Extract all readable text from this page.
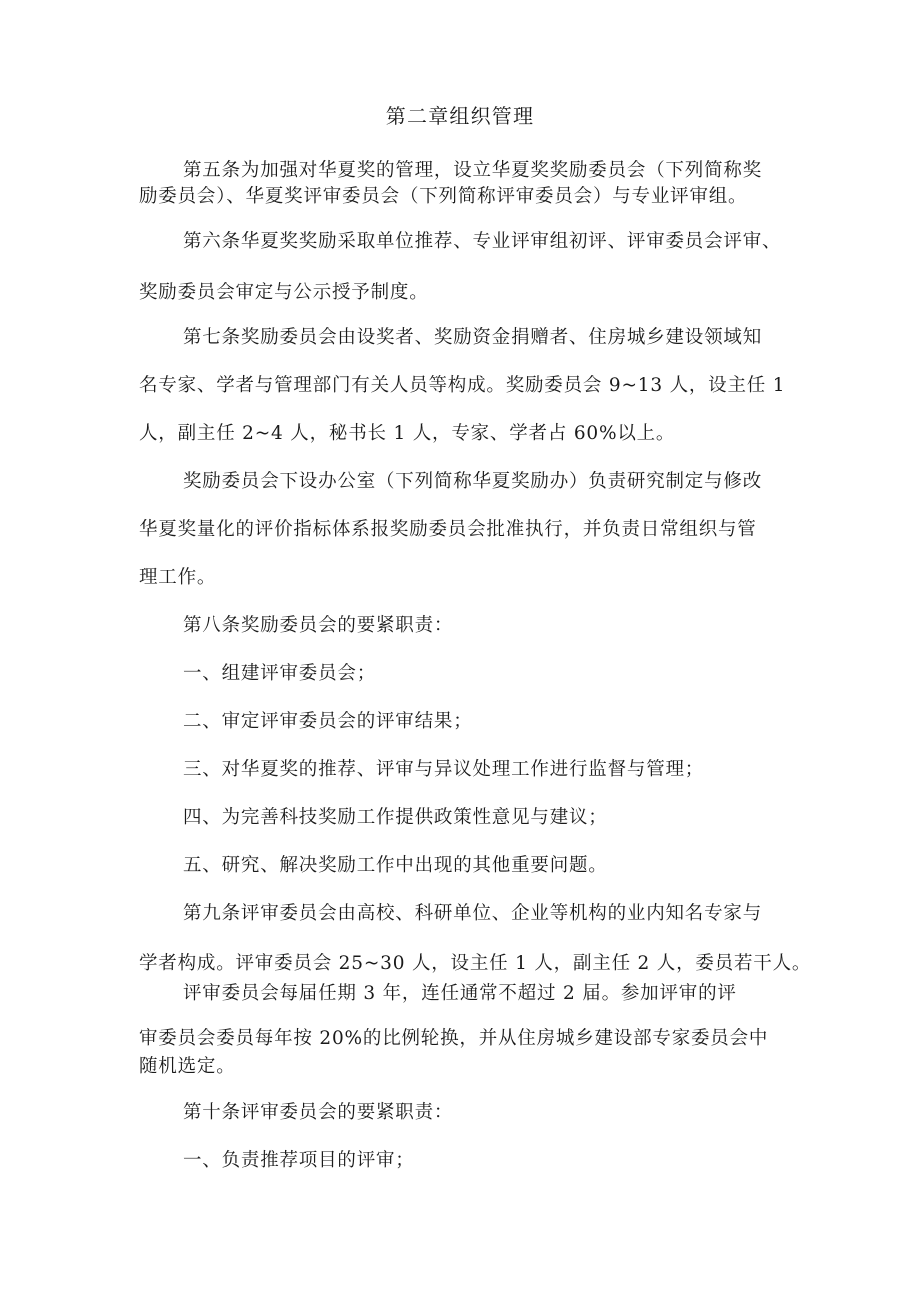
第二章组织管理
第五条为加强对华夏奖的管理，设立华夏奖奖励委员会（下列简称奖
励委员会）、华夏奖评审委员会（下列简称评审委员会）与专业评审组。
第六条华夏奖奖励采取单位推荐、专业评审组初评、评审委员会评审、
奖励委员会审定与公示授予制度。
第七条奖励委员会由设奖者、奖励资金捐赠者、住房城乡建设领域知
名专家、学者与管理部门有关人员等构成。奖励委员会 9~13 人，设主任 1
人，副主任 2~4 人，秘书长 1 人，专家、学者占 60%以上。
奖励委员会下设办公室（下列简称华夏奖励办）负责研究制定与修改
华夏奖量化的评价指标体系报奖励委员会批准执行，并负责日常组织与管
理工作。
第八条奖励委员会的要紧职责：
一、组建评审委员会；
二、审定评审委员会的评审结果；
三、对华夏奖的推荐、评审与异议处理工作进行监督与管理；
四、为完善科技奖励工作提供政策性意见与建议；
五、研究、解决奖励工作中出现的其他重要问题。
第九条评审委员会由高校、科研单位、企业等机构的业内知名专家与
学者构成。评审委员会 25~30 人，设主任 1 人，副主任 2 人，委员若干人。
评审委员会每届任期 3 年，连任通常不超过 2 届。参加评审的评
审委员会委员每年按 20%的比例轮换，并从住房城乡建设部专家委员会中
随机选定。
第十条评审委员会的要紧职责：
一、负责推荐项目的评审；
